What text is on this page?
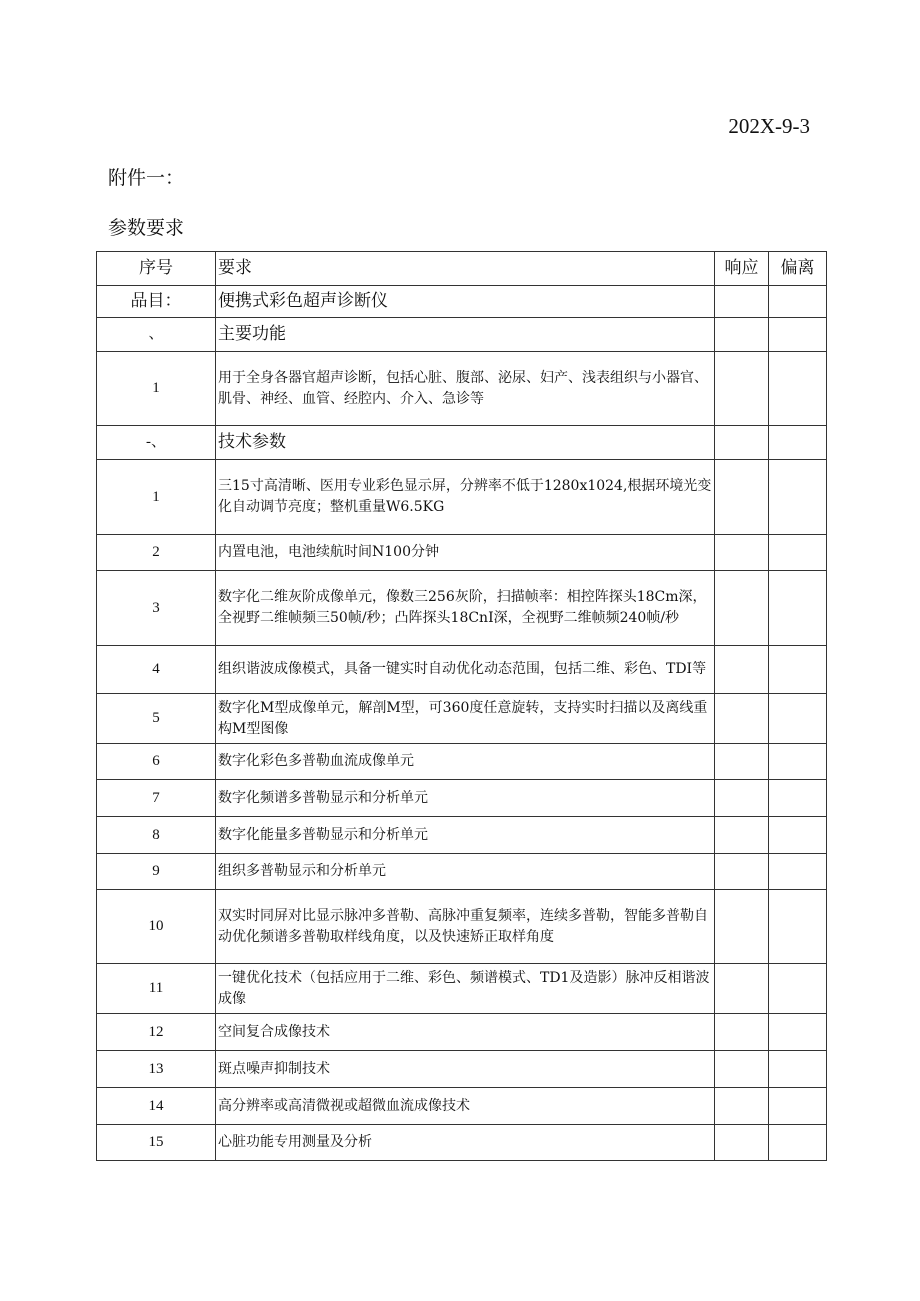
202X-9-3
附件一：
参数要求
序号	要求	响应	偏离
品目：	便携式彩色超声诊断仪		
、	主要功能		
1	用于全身各器官超声诊断，包括心脏、腹部、泌尿、妇产、浅表组织与小器官、肌骨、神经、血管、经腔内、介入、急诊等		
-、	技术参数		
1	三15寸高清晰、医用专业彩色显示屏，分辨率不低于1280x1024,根据环境光变化自动调节亮度；整机重量W6.5KG		
2	内置电池，电池续航时间N100分钟		
3	数字化二维灰阶成像单元，像数三256灰阶，扫描帧率：相控阵探头18Cm深，全视野二维帧频三50帧/秒；凸阵探头18CnI深，全视野二维帧频240帧/秒		
4	组织谐波成像模式，具备一键实时自动优化动态范围，包括二维、彩色、TDI等		
5	数字化M型成像单元，解剖M型，可360度任意旋转，支持实时扫描以及离线重构M型图像		
6	数字化彩色多普勒血流成像单元		
7	数字化频谱多普勒显示和分析单元		
8	数字化能量多普勒显示和分析单元		
9	组织多普勒显示和分析单元		
10	双实时同屏对比显示脉冲多普勒、高脉冲重复频率，连续多普勒，智能多普勒自动优化频谱多普勒取样线角度，以及快速矫正取样角度		
11	一键优化技术（包括应用于二维、彩色、频谱模式、TD1及造影）脉冲反相谐波成像		
12	空间复合成像技术		
13	斑点噪声抑制技术		
14	高分辨率或高清微视或超微血流成像技术		
15	心脏功能专用测量及分析		
